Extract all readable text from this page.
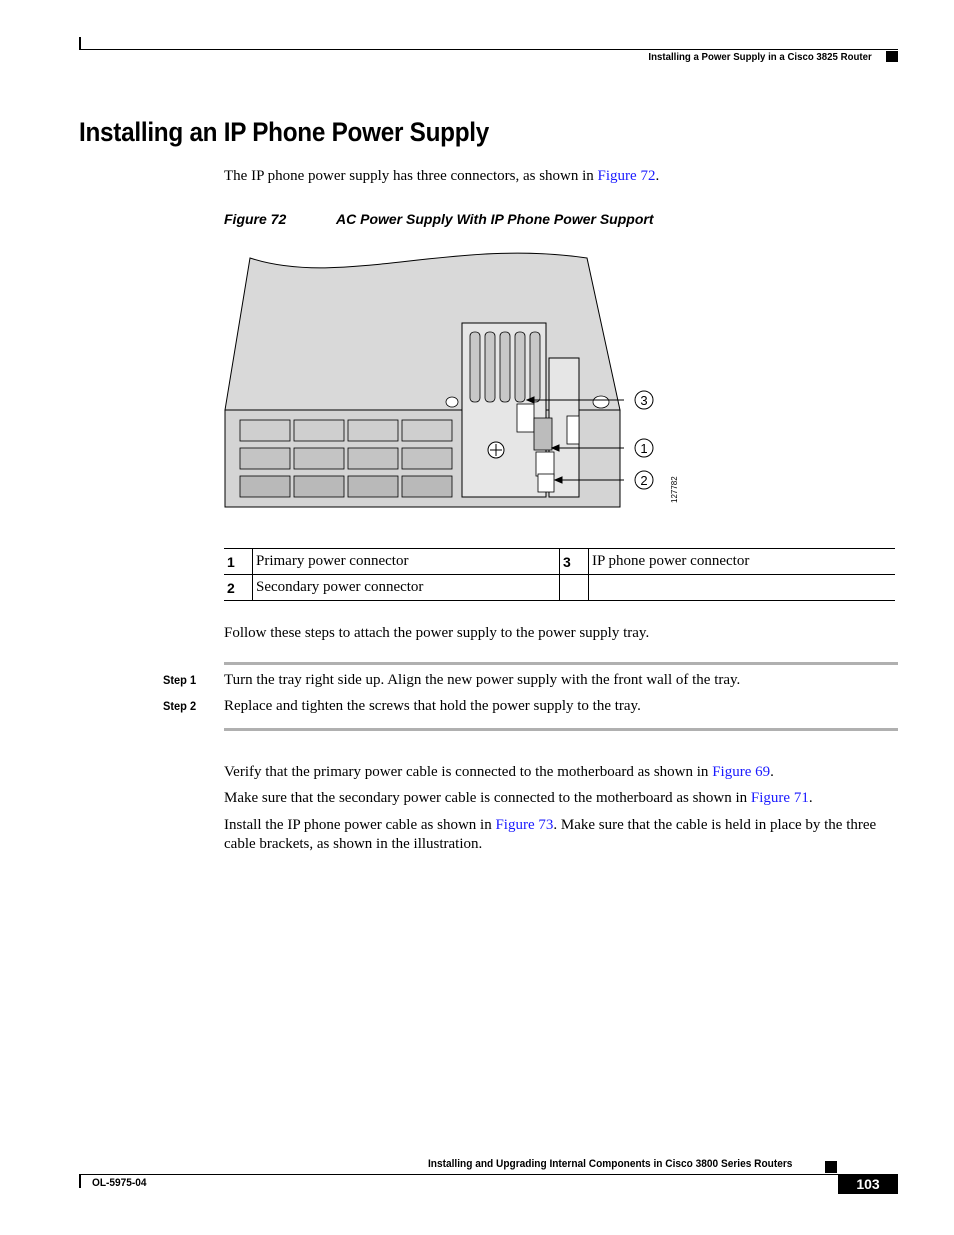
Installing a Power Supply in a Cisco 3825 Router
Installing an IP Phone Power Supply
The IP phone power supply has three connectors, as shown in Figure 72.
Figure 72	AC Power Supply With IP Phone Power Support
3
1
2	127782
1	Primary power connector	3	IP phone power connector
2	Secondary power connector		
Follow these steps to attach the power supply to the power supply tray.
Step 1 Turn the tray right side up. Align the new power supply with the front wall of the tray.
Step 2 Replace and tighten the screws that hold the power supply to the tray.
Verify that the primary power cable is connected to the motherboard as shown in Figure 69.
Make sure that the secondary power cable is connected to the motherboard as shown in Figure 71.
Install the IP phone power cable as shown in Figure 73. Make sure that the cable is held in place by the three cable brackets, as shown in the illustration.
Installing and Upgrading Internal Components in Cisco 3800 Series Routers
OL-5975-04	103
